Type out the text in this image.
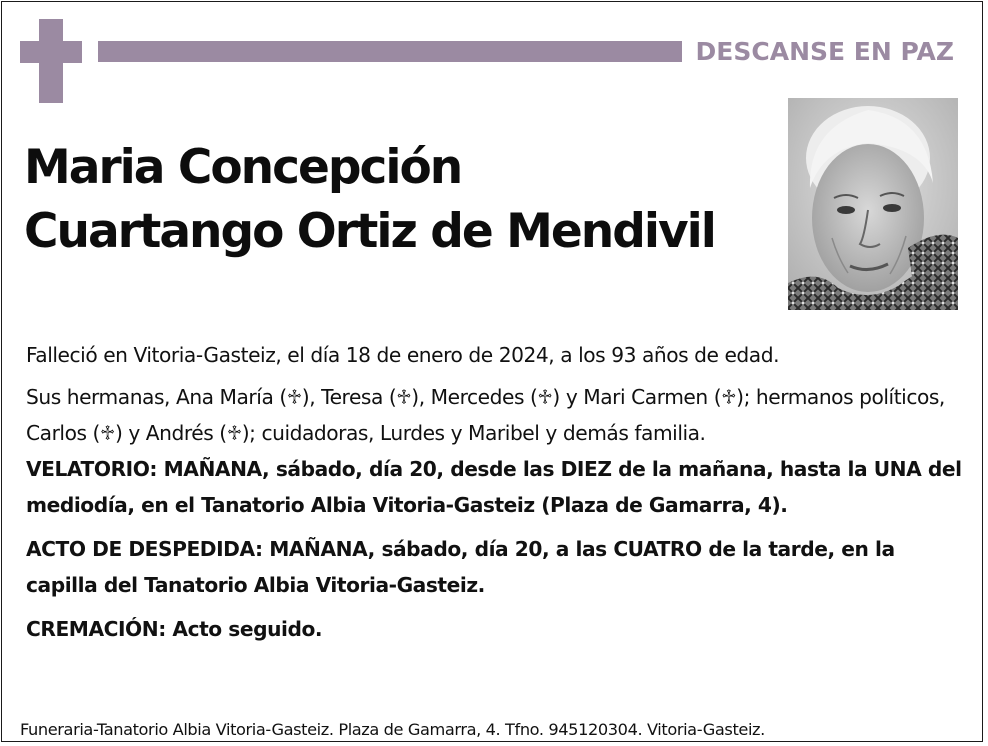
DESCANSE EN PAZ
Maria Concepción
Cuartango Ortiz de Mendivil

Falleció en Vitoria-Gasteiz, el día 18 de enero de 2024, a los 93 años de edad.

Sus hermanas, Ana María (♱), Teresa (♱), Mercedes (♱) y Mari Carmen (♱); hermanos políticos, Carlos (♱) y Andrés (♱); cuidadoras, Lurdes y Maribel y demás familia.

VELATORIO: MAÑANA, sábado, día 20, desde las DIEZ de la mañana, hasta la UNA del mediodía, en el Tanatorio Albia Vitoria-Gasteiz (Plaza de Gamarra, 4).

ACTO DE DESPEDIDA: MAÑANA, sábado, día 20, a las CUATRO de la tarde, en la capilla del Tanatorio Albia Vitoria-Gasteiz.

CREMACIÓN: Acto seguido.

Funeraria-Tanatorio Albia Vitoria-Gasteiz. Plaza de Gamarra, 4. Tfno. 945120304. Vitoria-Gasteiz.
